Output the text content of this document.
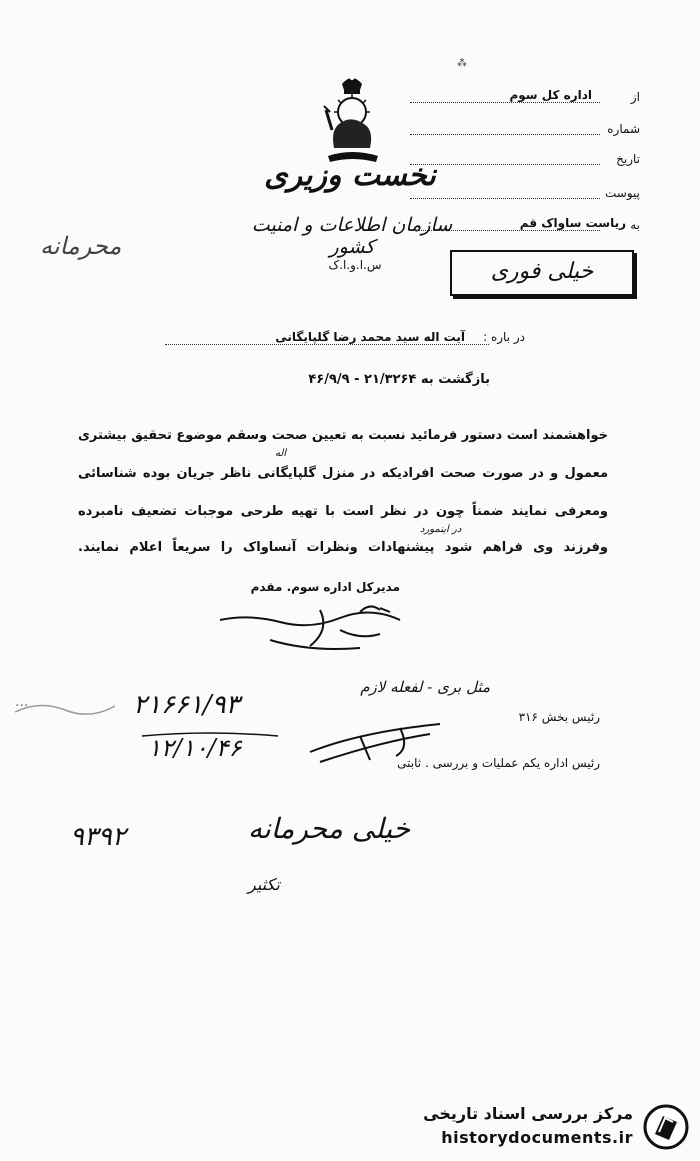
⁂
نخست وزیری
سازمان اطلاعات و امنیت کشور
س.ا.و.ا.ک
از
اداره کل سوم
شماره
تاریخ
پیوست
به
ریاست ساواک قم
خیلی فوری
محرمانه
در باره :
آیت اله سید محمد رضا گلپایگانی
بازگشت به ۲۱/۳۲۶۴ - ۴۶/۹/۹
خواهشمند است دستور فرمائید نسبت به تعیین صحت وسقم موضوع تحقیق بیشتری
اله
معمول و در صورت صحت افرادیکه در منزل گلپایگانی ناظر جریان بوده شناسائی
ومعرفی نمایند ضمناً چون در نظر است با تهیه طرحی موجبات تضعیف نامبرده
در اینمورد
وفرزند وی فراهم شود پیشنهادات ونظرات آنساواک را سریعاً اعلام نمایند.
مدیرکل اداره سوم. مقدم
۲۱۶۶۱/۹۳
۱۲/۱۰/۴۶
...
مثل بری - لفعله لازم
رئیس بخش ۳۱۶
رئیس اداره یکم عملیات و بررسی . ثابتی
خیلی محرمانه
۹۳۹۲
تکثیر
مرکز بررسی اسناد تاریخی
historydocuments.ir
